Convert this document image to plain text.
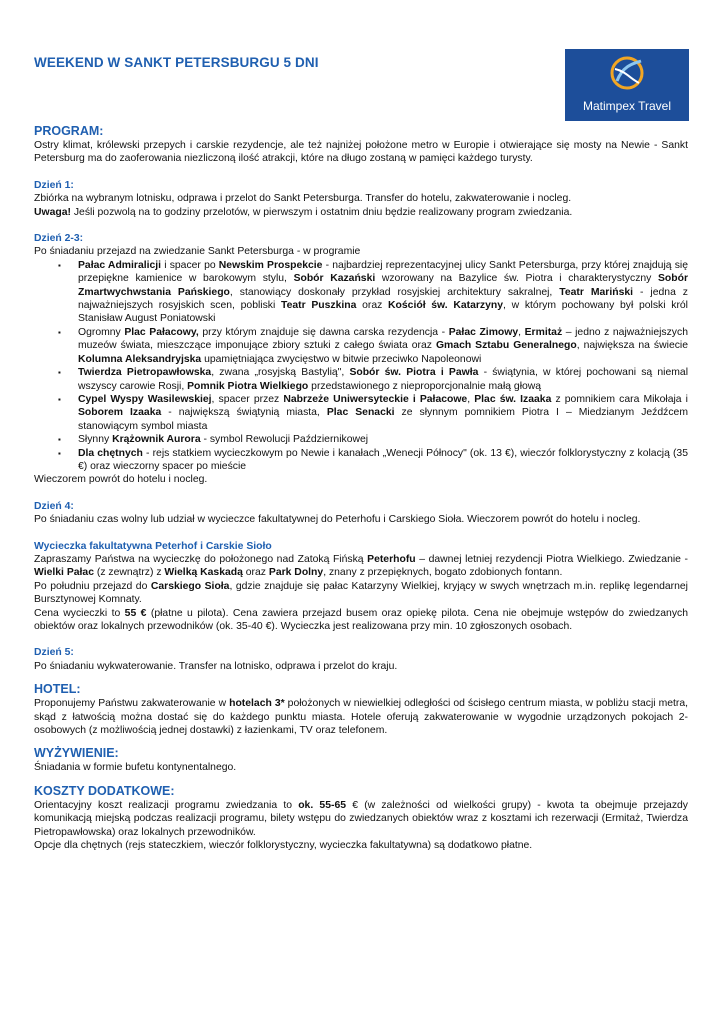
WEEKEND W SANKT PETERSBURGU 5 DNI
Matimpex Travel
PROGRAM:

Ostry klimat, królewski przepych i carskie rezydencje, ale też najniżej położone metro w Europie i otwierające się mosty na Newie - Sankt Petersburg ma do zaoferowania niezliczoną ilość atrakcji, które na długo zostaną w pamięci każdego turysty.

Dzień 1:

Zbiórka na wybranym lotnisku, odprawa i przelot do Sankt Petersburga. Transfer do hotelu, zakwaterowanie i nocleg.

Uwaga! Jeśli pozwolą na to godziny przelotów, w pierwszym i ostatnim dniu będzie realizowany program zwiedzania.

Dzień 2-3:

Po śniadaniu przejazd na zwiedzanie Sankt Petersburga - w programie

▪ Pałac Admiralicji i spacer po Newskim Prospekcie - najbardziej reprezentacyjnej ulicy Sankt Petersburga, przy której znajdują się przepiękne kamienice w barokowym stylu, Sobór Kazański wzorowany na Bazylice św. Piotra i charakterystyczny Sobór Zmartwychwstania Pańskiego, stanowiący doskonały przykład rosyjskiej architektury sakralnej, Teatr Mariński - jedna z najważniejszych rosyjskich scen, pobliski Teatr Puszkina oraz Kościół św. Katarzyny, w którym pochowany był polski król Stanisław August Poniatowski
▪ Ogromny Plac Pałacowy, przy którym znajduje się dawna carska rezydencja - Pałac Zimowy, Ermitaż – jedno z najważniejszych muzeów świata, mieszczące imponujące zbiory sztuki z całego świata oraz Gmach Sztabu Generalnego, największa na świecie Kolumna Aleksandryjska upamiętniająca zwycięstwo w bitwie przeciwko Napoleonowi
▪ Twierdza Pietropawłowska, zwana „rosyjską Bastylią", Sobór św. Piotra i Pawła - świątynia, w której pochowani są niemal wszyscy carowie Rosji, Pomnik Piotra Wielkiego przedstawionego z nieproporcjonalnie małą głową
▪ Cypel Wyspy Wasilewskiej, spacer przez Nabrzeże Uniwersyteckie i Pałacowe, Plac św. Izaaka z pomnikiem cara Mikołaja i Soborem Izaaka - największą świątynią miasta, Plac Senacki ze słynnym pomnikiem Piotra I – Miedzianym Jeźdźcem stanowiącym symbol miasta
▪ Słynny Krążownik Aurora - symbol Rewolucji Październikowej
▪ Dla chętnych - rejs statkiem wycieczkowym po Newie i kanałach „Wenecji Północy" (ok. 13 €), wieczór folklorystyczny z kolacją (35 €) oraz wieczorny spacer po mieście

Wieczorem powrót do hotelu i nocleg.

Dzień 4:

Po śniadaniu czas wolny lub udział w wycieczce fakultatywnej do Peterhofu i Carskiego Sioła. Wieczorem powrót do hotelu i nocleg.

Wycieczka fakultatywna Peterhof i Carskie Sioło

Zapraszamy Państwa na wycieczkę do położonego nad Zatoką Fińską Peterhofu – dawnej letniej rezydencji Piotra Wielkiego. Zwiedzanie - Wielki Pałac (z zewnątrz) z Wielką Kaskadą oraz Park Dolny, znany z przepięknych, bogato zdobionych fontann.

Po południu przejazd do Carskiego Sioła, gdzie znajduje się pałac Katarzyny Wielkiej, kryjący w swych wnętrzach m.in. replikę legendarnej Bursztynowej Komnaty.

Cena wycieczki to 55 € (płatne u pilota). Cena zawiera przejazd busem oraz opiekę pilota. Cena nie obejmuje wstępów do zwiedzanych obiektów oraz lokalnych przewodników (ok. 35-40 €). Wycieczka jest realizowana przy min. 10 zgłoszonych osobach.

Dzień 5:

Po śniadaniu wykwaterowanie. Transfer na lotnisko, odprawa i przelot do kraju.

HOTEL:

Proponujemy Państwu zakwaterowanie w hotelach 3* położonych w niewielkiej odległości od ścisłego centrum miasta, w pobliżu stacji metra, skąd z łatwością można dostać się do każdego punktu miasta. Hotele oferują zakwaterowanie w wygodnie urządzonych pokojach 2-osobowych (z możliwością jednej dostawki) z łazienkami, TV oraz telefonem.

WYŻYWIENIE:

Śniadania w formie bufetu kontynentalnego.

KOSZTY DODATKOWE:

Orientacyjny koszt realizacji programu zwiedzania to ok. 55-65 € (w zależności od wielkości grupy) - kwota ta obejmuje przejazdy komunikacją miejską podczas realizacji programu, bilety wstępu do zwiedzanych obiektów wraz z kosztami ich rezerwacji (Ermitaż, Twierdza Pietropawłowska) oraz lokalnych przewodników.

Opcje dla chętnych (rejs stateczkiem, wieczór folklorystyczny, wycieczka fakultatywna) są dodatkowo płatne.
